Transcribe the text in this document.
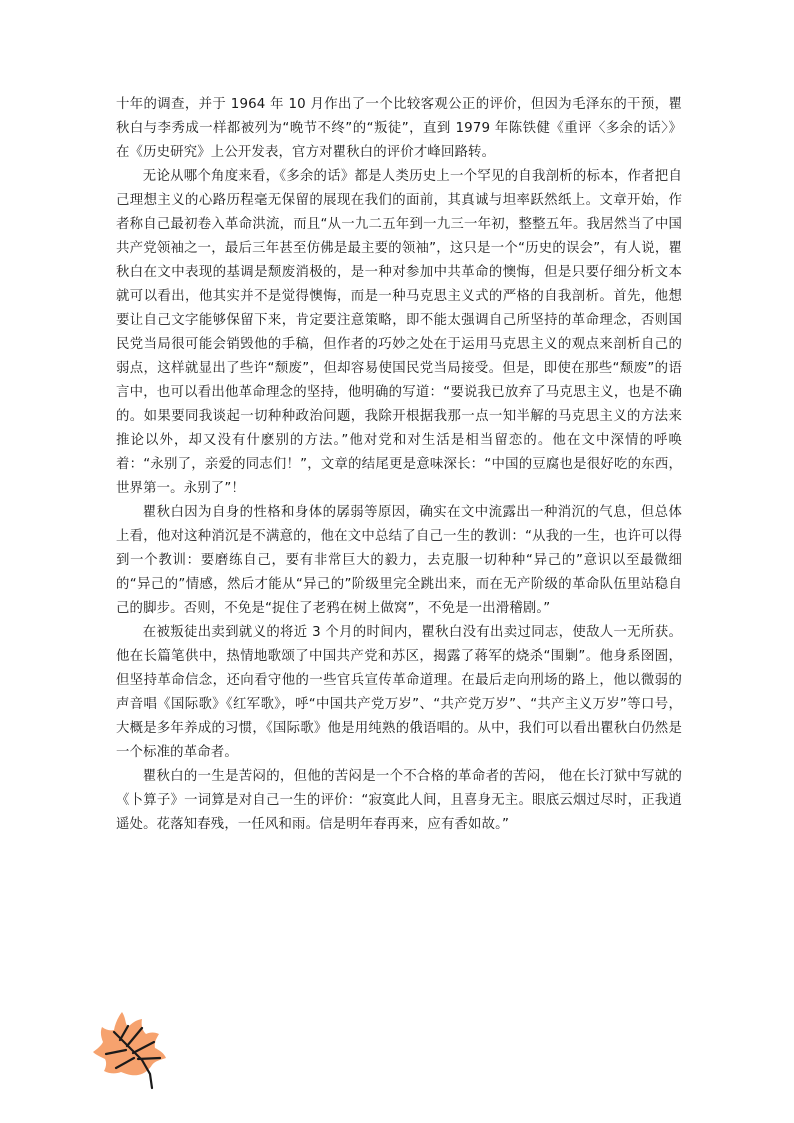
十年的调查，并于 1964 年 10 月作出了一个比较客观公正的评价，但因为毛泽东的干预，瞿秋白与李秀成一样都被列为“晚节不终”的“叛徒”，直到 1979 年陈铁健《重评〈多余的话〉》在《历史研究》上公开发表，官方对瞿秋白的评价才峰回路转。

无论从哪个角度来看，《多余的话》都是人类历史上一个罕见的自我剖析的标本，作者把自己理想主义的心路历程毫无保留的展现在我们的面前，其真诚与坦率跃然纸上。文章开始，作者称自己最初卷入革命洪流，而且“从一九二五年到一九三一年初，整整五年。我居然当了中国共产党领袖之一，最后三年甚至仿佛是最主要的领袖”，这只是一个“历史的误会”，有人说，瞿秋白在文中表现的基调是颓废消极的，是一种对参加中共革命的懊悔，但是只要仔细分析文本就可以看出，他其实并不是觉得懊悔，而是一种马克思主义式的严格的自我剖析。首先，他想要让自己文字能够保留下来，肯定要注意策略，即不能太强调自己所坚持的革命理念，否则国民党当局很可能会销毁他的手稿，但作者的巧妙之处在于运用马克思主义的观点来剖析自己的弱点，这样就显出了些许“颓废”，但却容易使国民党当局接受。但是，即使在那些“颓废”的语言中，也可以看出他革命理念的坚持，他明确的写道：“要说我已放弃了马克思主义，也是不确的。如果要同我谈起一切种种政治问题，我除开根据我那一点一知半解的马克思主义的方法来推论以外，却又没有什麽别的方法。”他对党和对生活是相当留恋的。他在文中深情的呼唤着：“永别了，亲爱的同志们！”，文章的结尾更是意味深长：“中国的豆腐也是很好吃的东西，世界第一。永别了”！

瞿秋白因为自身的性格和身体的孱弱等原因，确实在文中流露出一种消沉的气息，但总体上看，他对这种消沉是不满意的，他在文中总结了自己一生的教训：“从我的一生，也许可以得到一个教训：要磨练自己，要有非常巨大的毅力，去克服一切种种“异己的”意识以至最微细的“异己的”情感，然后才能从“异己的”阶级里完全跳出来，而在无产阶级的革命队伍里站稳自己的脚步。否则，不免是“捉住了老鸦在树上做窝”，不免是一出滑稽剧。”

在被叛徒出卖到就义的将近 3 个月的时间内，瞿秋白没有出卖过同志，使敌人一无所获。他在长篇笔供中，热情地歌颂了中国共产党和苏区，揭露了蒋军的烧杀“围剿”。他身系囹圄，但坚持革命信念，还向看守他的一些官兵宣传革命道理。在最后走向刑场的路上，他以微弱的声音唱《国际歌》《红军歌》，呼“中国共产党万岁”、“共产党万岁”、“共产主义万岁”等口号，大概是多年养成的习惯，《国际歌》他是用纯熟的俄语唱的。从中，我们可以看出瞿秋白仍然是一个标准的革命者。

瞿秋白的一生是苦闷的，但他的苦闷是一个不合格的革命者的苦闷， 他在长汀狱中写就的《卜算子》一词算是对自己一生的评价：“寂寞此人间，且喜身无主。眼底云烟过尽时，正我逍遥处。花落知春残，一任风和雨。信是明年春再来，应有香如故。”
